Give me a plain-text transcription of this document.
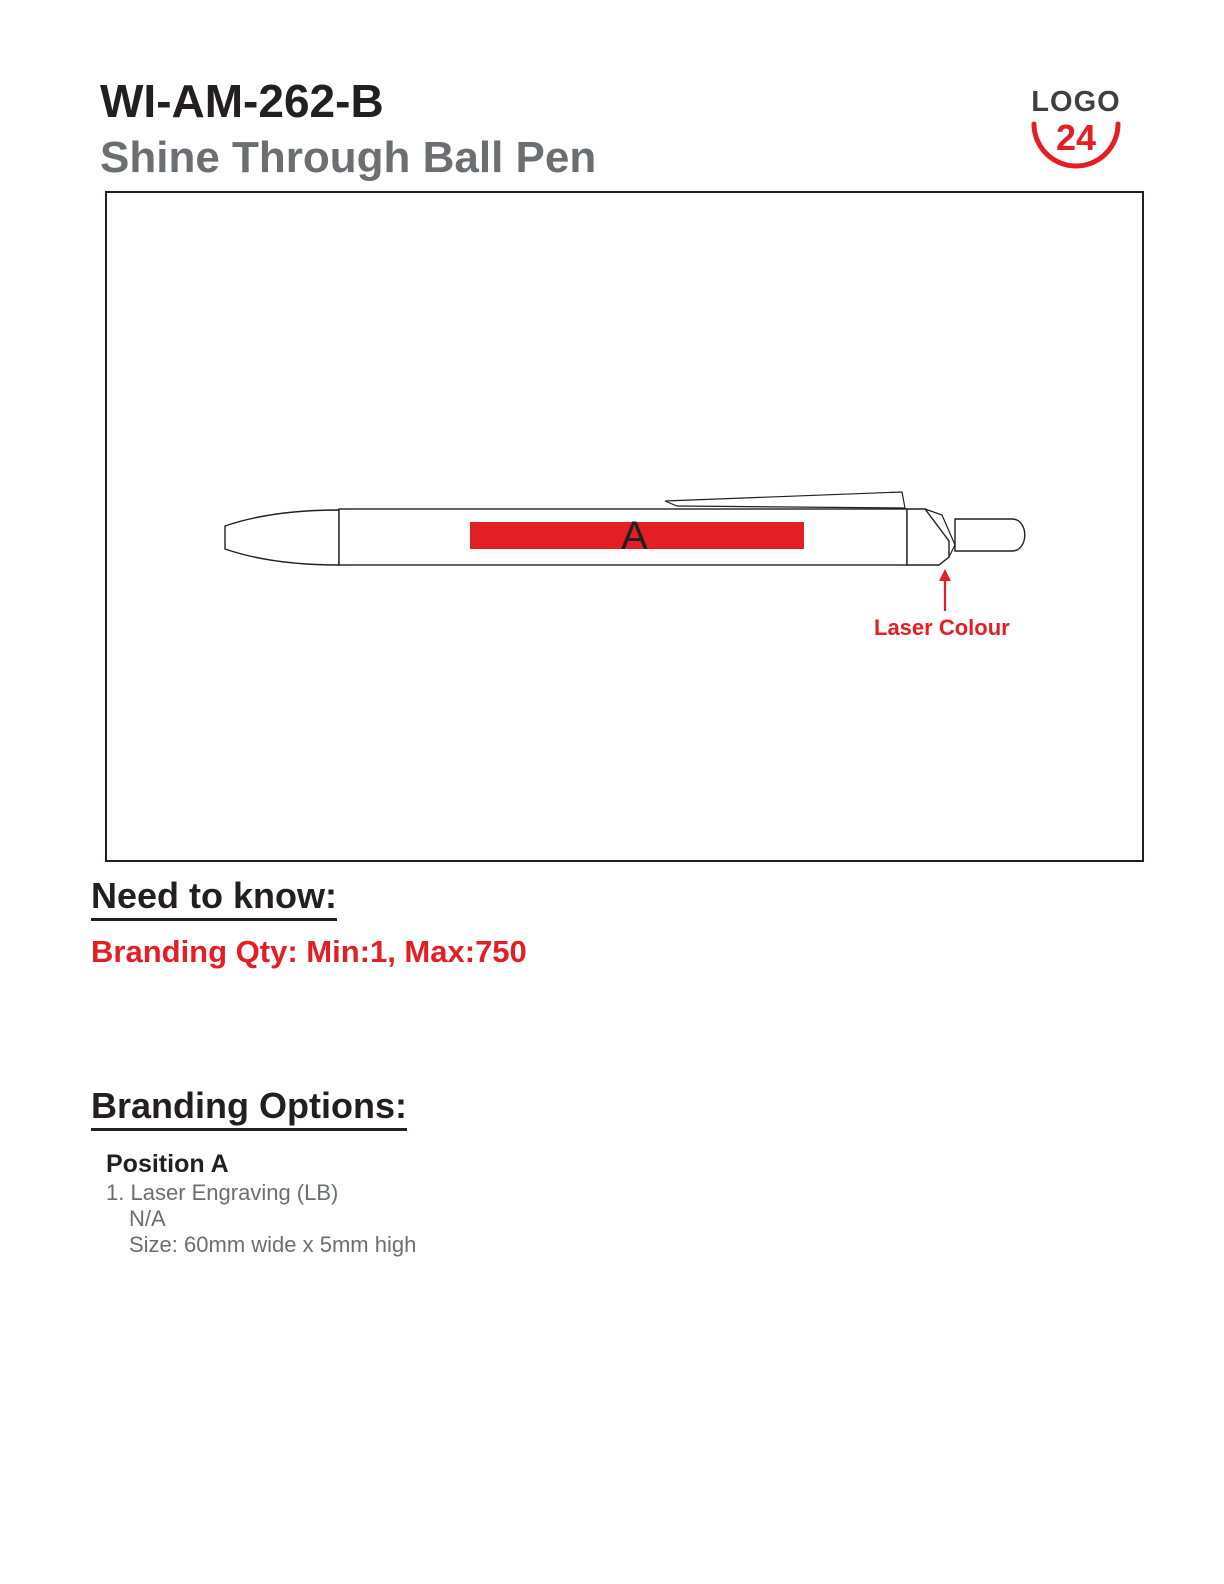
WI-AM-262-B
Shine Through Ball Pen
LOGO
24
A
Laser Colour
Need to know:
Branding Qty: Min:1, Max:750
Branding Options:
Position A
1. Laser Engraving (LB)
N/A
Size: 60mm wide x 5mm high
